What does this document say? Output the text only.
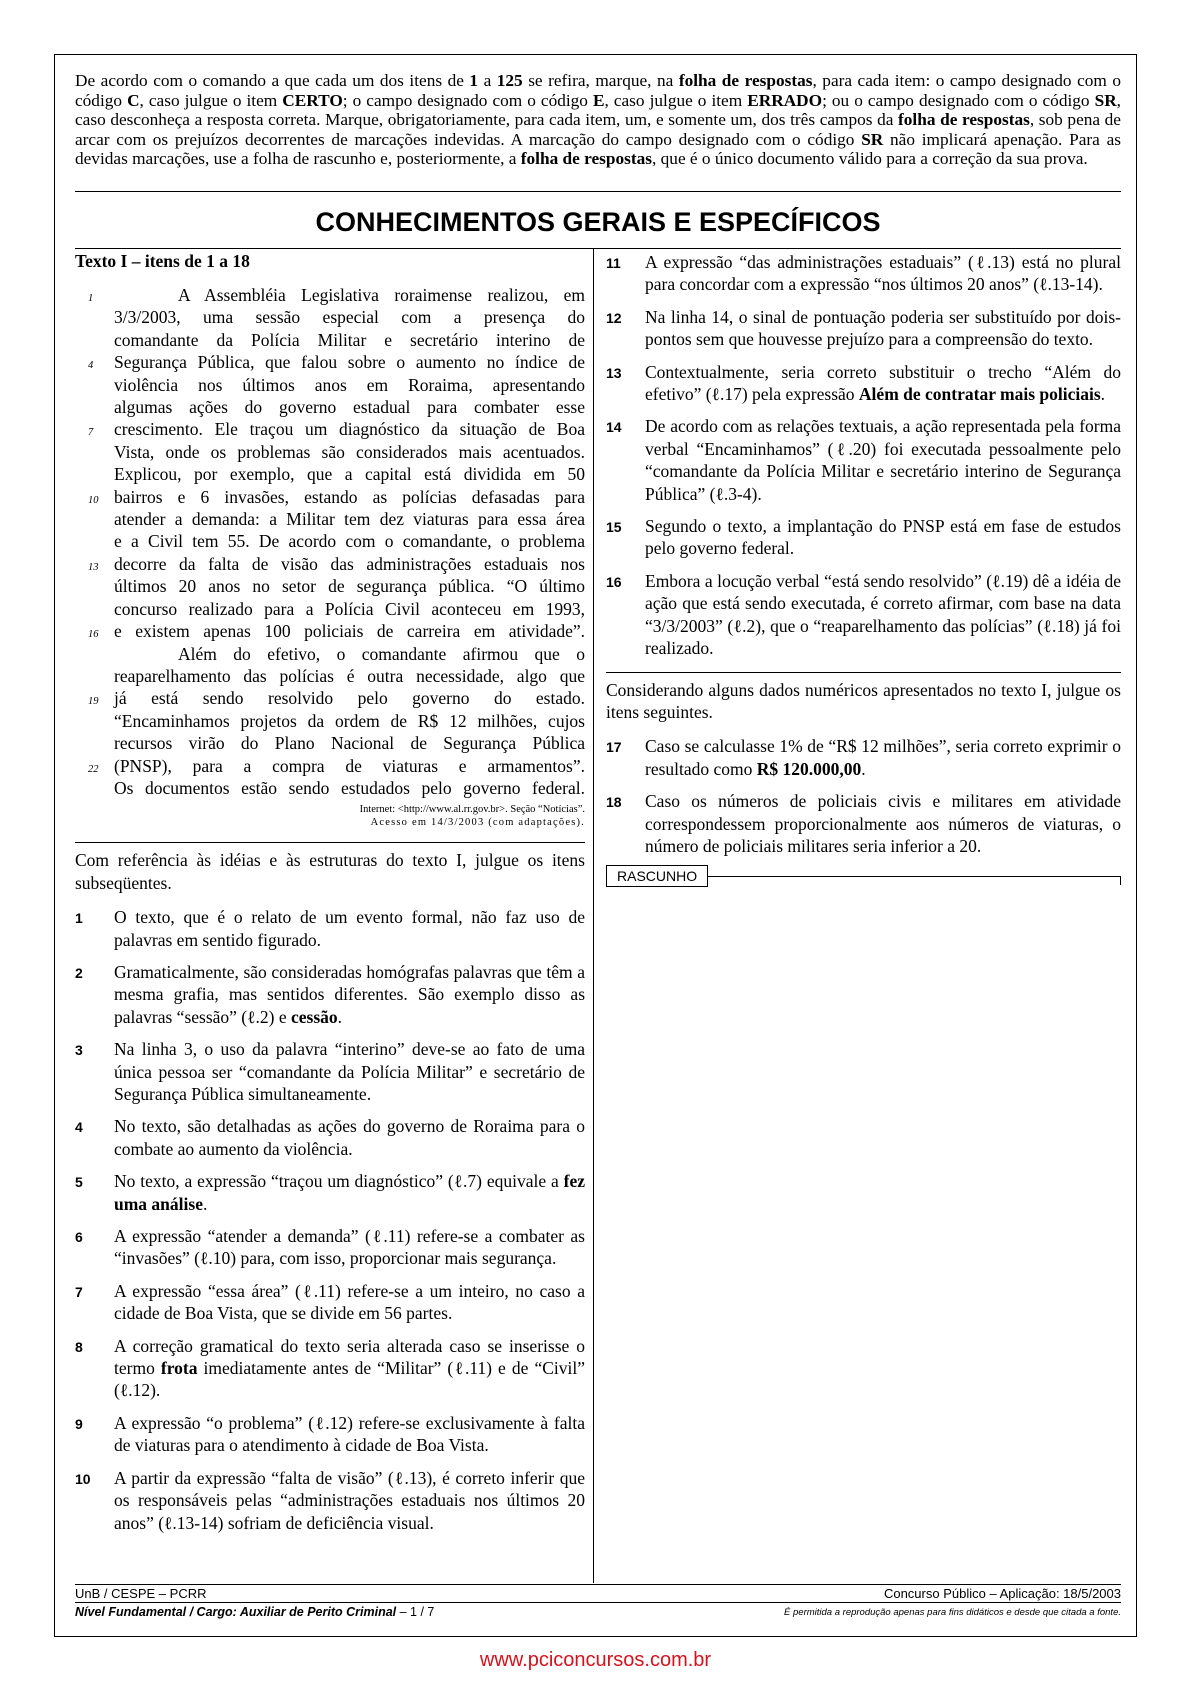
De acordo com o comando a que cada um dos itens de 1 a 125 se refira, marque, na folha de respostas, para cada item: o campo designado com o código C, caso julgue o item CERTO; o campo designado com o código E, caso julgue o item ERRADO; ou o campo designado com o código SR, caso desconheça a resposta correta. Marque, obrigatoriamente, para cada item, um, e somente um, dos três campos da folha de respostas, sob pena de arcar com os prejuízos decorrentes de marcações indevidas. A marcação do campo designado com o código SR não implicará apenação. Para as devidas marcações, use a folha de rascunho e, posteriormente, a folha de respostas, que é o único documento válido para a correção da sua prova.
CONHECIMENTOS GERAIS E ESPECÍFICOS
Texto I – itens de 1 a 18
1	A Assembléia Legislativa roraimense realizou, em
3/3/2003, uma sessão especial com a presença do
comandante da Polícia Militar e secretário interino de
4	Segurança Pública, que falou sobre o aumento no índice de
violência nos últimos anos em Roraima, apresentando
algumas ações do governo estadual para combater esse
7	crescimento. Ele traçou um diagnóstico da situação de Boa
Vista, onde os problemas são considerados mais acentuados.
Explicou, por exemplo, que a capital está dividida em 50
10 bairros e 6 invasões, estando as polícias defasadas para
atender a demanda: a Militar tem dez viaturas para essa área
e a Civil tem 55. De acordo com o comandante, o problema
13 decorre da falta de visão das administrações estaduais nos
últimos 20 anos no setor de segurança pública. “O último
concurso realizado para a Polícia Civil aconteceu em 1993,
16 e existem apenas 100 policiais de carreira em atividade”.
Além do efetivo, o comandante afirmou que o
reaparelhamento das polícias é outra necessidade, algo que
19 já está sendo resolvido pelo governo do estado.
“Encaminhamos projetos da ordem de R$ 12 milhões, cujos
recursos virão do Plano Nacional de Segurança Pública
22 (PNSP), para a compra de viaturas e armamentos”.
Os documentos estão sendo estudados pelo governo federal.
Internet: <http://www.al.rr.gov.br>. Seção “Notícias”.
Acesso em 14/3/2003 (com adaptações).
Com referência às idéias e às estruturas do texto I, julgue os itens subseqüentes.
1 O texto, que é o relato de um evento formal, não faz uso de palavras em sentido figurado.
2 Gramaticalmente, são consideradas homógrafas palavras que têm a mesma grafia, mas sentidos diferentes. São exemplo disso as palavras “sessão” (ℓ.2) e cessão.
3 Na linha 3, o uso da palavra “interino” deve-se ao fato de uma única pessoa ser “comandante da Polícia Militar” e secretário de Segurança Pública simultaneamente.
4 No texto, são detalhadas as ações do governo de Roraima para o combate ao aumento da violência.
5 No texto, a expressão “traçou um diagnóstico” (ℓ.7) equivale a fez uma análise.
6 A expressão “atender a demanda” (ℓ.11) refere-se a combater as “invasões” (ℓ.10) para, com isso, proporcionar mais segurança.
7 A expressão “essa área” (ℓ.11) refere-se a um inteiro, no caso a cidade de Boa Vista, que se divide em 56 partes.
8 A correção gramatical do texto seria alterada caso se inserisse o termo frota imediatamente antes de “Militar” (ℓ.11) e de “Civil” (ℓ.12).
9 A expressão “o problema” (ℓ.12) refere-se exclusivamente à falta de viaturas para o atendimento à cidade de Boa Vista.
10 A partir da expressão “falta de visão” (ℓ.13), é correto inferir que os responsáveis pelas “administrações estaduais nos últimos 20 anos” (ℓ.13-14) sofriam de deficiência visual.
11 A expressão “das administrações estaduais” (ℓ.13) está no plural para concordar com a expressão “nos últimos 20 anos” (ℓ.13-14).
12 Na linha 14, o sinal de pontuação poderia ser substituído por dois-pontos sem que houvesse prejuízo para a compreensão do texto.
13 Contextualmente, seria correto substituir o trecho “Além do efetivo” (ℓ.17) pela expressão Além de contratar mais policiais.
14 De acordo com as relações textuais, a ação representada pela forma verbal “Encaminhamos” (ℓ.20) foi executada pessoalmente pelo “comandante da Polícia Militar e secretário interino de Segurança Pública” (ℓ.3-4).
15 Segundo o texto, a implantação do PNSP está em fase de estudos pelo governo federal.
16 Embora a locução verbal “está sendo resolvido” (ℓ.19) dê a idéia de ação que está sendo executada, é correto afirmar, com base na data “3/3/2003” (ℓ.2), que o “reaparelhamento das polícias” (ℓ.18) já foi realizado.
Considerando alguns dados numéricos apresentados no texto I, julgue os itens seguintes.
17 Caso se calculasse 1% de “R$ 12 milhões”, seria correto exprimir o resultado como R$ 120.000,00.
18 Caso os números de policiais civis e militares em atividade correspondessem proporcionalmente aos números de viaturas, o número de policiais militares seria inferior a 20.
RASCUNHO
UnB / CESPE – PCRR	Concurso Público – Aplicação: 18/5/2003
Nível Fundamental / Cargo: Auxiliar de Perito Criminal – 1 / 7	É permitida a reprodução apenas para fins didáticos e desde que citada a fonte.
www.pciconcursos.com.br
